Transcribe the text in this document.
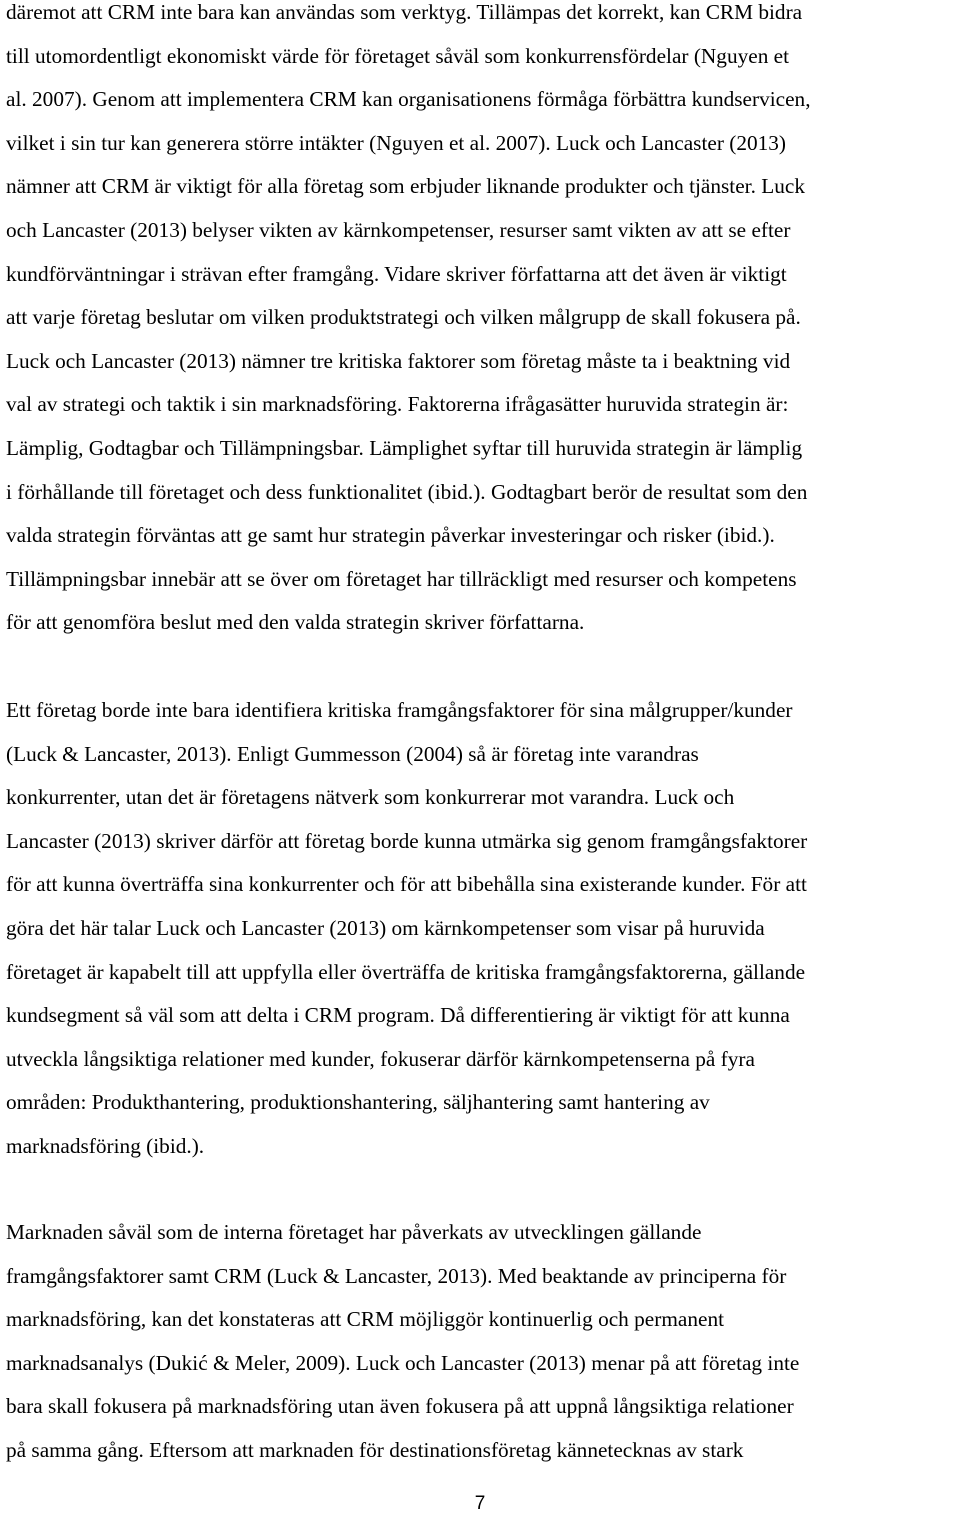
däremot att CRM inte bara kan användas som verktyg. Tillämpas det korrekt, kan CRM bidra
till utomordentligt ekonomiskt värde för företaget såväl som konkurrensfördelar (Nguyen et
al. 2007). Genom att implementera CRM kan organisationens förmåga förbättra kundservicen,
vilket i sin tur kan generera större intäkter (Nguyen et al. 2007). Luck och Lancaster (2013)
nämner att CRM är viktigt för alla företag som erbjuder liknande produkter och tjänster. Luck
och Lancaster (2013) belyser vikten av kärnkompetenser, resurser samt vikten av att se efter
kundförväntningar i strävan efter framgång. Vidare skriver författarna att det även är viktigt
att varje företag beslutar om vilken produktstrategi och vilken målgrupp de skall fokusera på.
Luck och Lancaster (2013) nämner tre kritiska faktorer som företag måste ta i beaktning vid
val av strategi och taktik i sin marknadsföring. Faktorerna ifrågasätter huruvida strategin är:
Lämplig, Godtagbar och Tillämpningsbar. Lämplighet syftar till huruvida strategin är lämplig
i förhållande till företaget och dess funktionalitet (ibid.). Godtagbart berör de resultat som den
valda strategin förväntas att ge samt hur strategin påverkar investeringar och risker (ibid.).
Tillämpningsbar innebär att se över om företaget har tillräckligt med resurser och kompetens
för att genomföra beslut med den valda strategin skriver författarna.
Ett företag borde inte bara identifiera kritiska framgångsfaktorer för sina målgrupper/kunder
(Luck & Lancaster, 2013). Enligt Gummesson (2004) så är företag inte varandras
konkurrenter, utan det är företagens nätverk som konkurrerar mot varandra. Luck och
Lancaster (2013) skriver därför att företag borde kunna utmärka sig genom framgångsfaktorer
för att kunna överträffa sina konkurrenter och för att bibehålla sina existerande kunder. För att
göra det här talar Luck och Lancaster (2013) om kärnkompetenser som visar på huruvida
företaget är kapabelt till att uppfylla eller överträffa de kritiska framgångsfaktorerna, gällande
kundsegment så väl som att delta i CRM program. Då differentiering är viktigt för att kunna
utveckla långsiktiga relationer med kunder, fokuserar därför kärnkompetenserna på fyra
områden: Produkthantering, produktionshantering, säljhantering samt hantering av
marknadsföring (ibid.).
Marknaden såväl som de interna företaget har påverkats av utvecklingen gällande
framgångsfaktorer samt CRM (Luck & Lancaster, 2013). Med beaktande av principerna för
marknadsföring, kan det konstateras att CRM möjliggör kontinuerlig och permanent
marknadsanalys (Dukić & Meler, 2009). Luck och Lancaster (2013) menar på att företag inte
bara skall fokusera på marknadsföring utan även fokusera på att uppnå långsiktiga relationer
på samma gång. Eftersom att marknaden för destinationsföretag kännetecknas av stark
7
